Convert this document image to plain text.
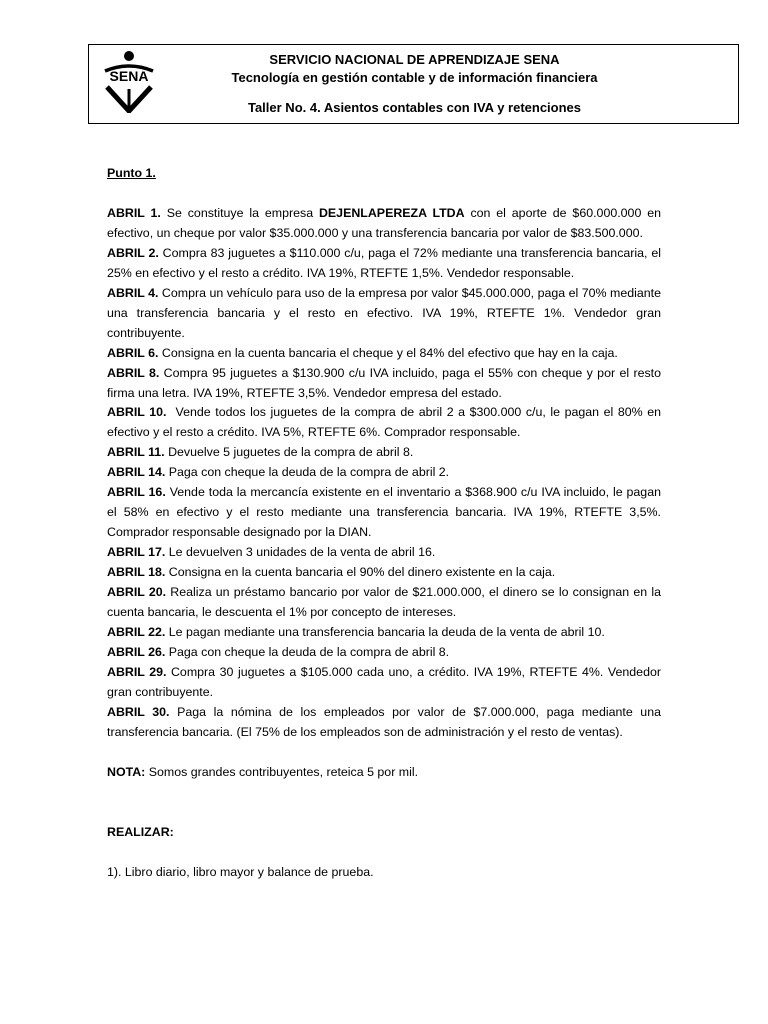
SENA
SERVICIO NACIONAL DE APRENDIZAJE SENA
Tecnología en gestión contable y de información financiera
Taller No. 4. Asientos contables con IVA y retenciones

Punto 1.

ABRIL 1. Se constituye la empresa DEJENLAPEREZA LTDA con el aporte de $60.000.000 en efectivo, un cheque por valor $35.000.000 y una transferencia bancaria por valor de $83.500.000.

ABRIL 2. Compra 83 juguetes a $110.000 c/u, paga el 72% mediante una transferencia bancaria, el 25% en efectivo y el resto a crédito. IVA 19%, RTEFTE 1,5%. Vendedor responsable.

ABRIL 4. Compra un vehículo para uso de la empresa por valor $45.000.000, paga el 70% mediante una transferencia bancaria y el resto en efectivo. IVA 19%, RTEFTE 1%. Vendedor gran contribuyente.

ABRIL 6. Consigna en la cuenta bancaria el cheque y el 84% del efectivo que hay en la caja.

ABRIL 8. Compra 95 juguetes a $130.900 c/u IVA incluido, paga el 55% con cheque y por el resto firma una letra. IVA 19%, RTEFTE 3,5%. Vendedor empresa del estado.

ABRIL 10.  Vende todos los juguetes de la compra de abril 2 a $300.000 c/u, le pagan el 80% en efectivo y el resto a crédito. IVA 5%, RTEFTE 6%. Comprador responsable.

ABRIL 11. Devuelve 5 juguetes de la compra de abril 8.

ABRIL 14. Paga con cheque la deuda de la compra de abril 2.

ABRIL 16. Vende toda la mercancía existente en el inventario a $368.900 c/u IVA incluido, le pagan el 58% en efectivo y el resto mediante una transferencia bancaria. IVA 19%, RTEFTE 3,5%. Comprador responsable designado por la DIAN.

ABRIL 17. Le devuelven 3 unidades de la venta de abril 16.

ABRIL 18. Consigna en la cuenta bancaria el 90% del dinero existente en la caja.

ABRIL 20. Realiza un préstamo bancario por valor de $21.000.000, el dinero se lo consignan en la cuenta bancaria, le descuenta el 1% por concepto de intereses.

ABRIL 22. Le pagan mediante una transferencia bancaria la deuda de la venta de abril 10.

ABRIL 26. Paga con cheque la deuda de la compra de abril 8.

ABRIL 29. Compra 30 juguetes a $105.000 cada uno, a crédito. IVA 19%, RTEFTE 4%. Vendedor gran contribuyente.

ABRIL 30. Paga la nómina de los empleados por valor de $7.000.000, paga mediante una transferencia bancaria. (El 75% de los empleados son de administración y el resto de ventas).

NOTA: Somos grandes contribuyentes, reteica 5 por mil.

REALIZAR:

1). Libro diario, libro mayor y balance de prueba.
